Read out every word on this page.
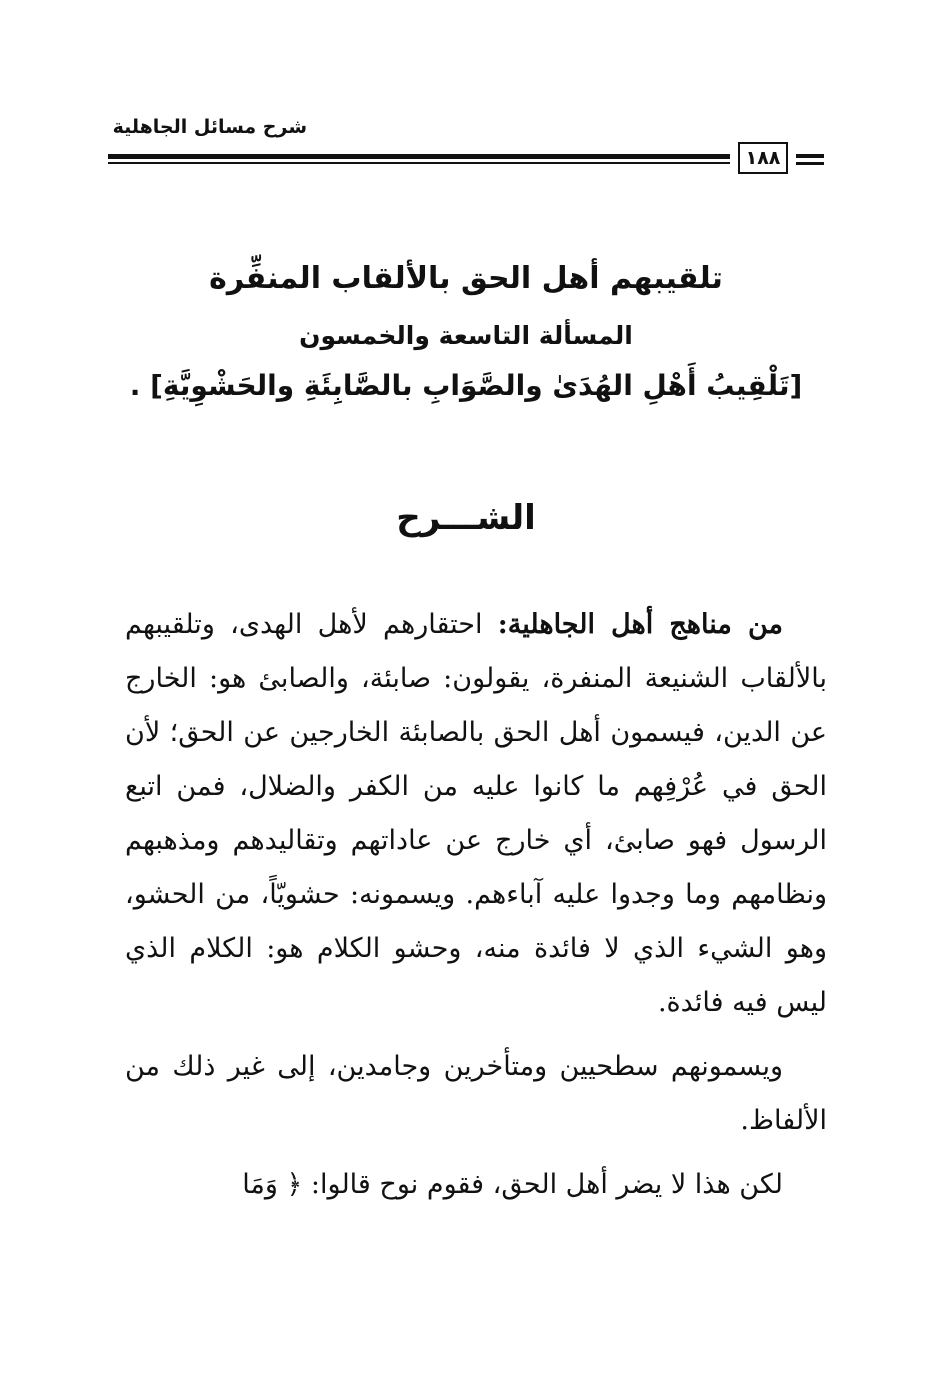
شرح مسائل الجاهلية
١٨٨

تلقيبهم أهل الحق بالألقاب المنفِّرة

المسألة التاسعة والخمسون

[تَلْقِيبُ أَهْلِ الهُدَىٰ والصَّوَابِ بالصَّابِئَةِ والحَشْوِيَّةِ] .

الشـــرح

من مناهج أهل الجاهلية: احتقارهم لأهل الهدى، وتلقيبهم بالألقاب الشنيعة المنفرة، يقولون: صابئة، والصابئ هو: الخارج عن الدين، فيسمون أهل الحق بالصابئة الخارجين عن الحق؛ لأن الحق في عُرْفِهم ما كانوا عليه من الكفر والضلال، فمن اتبع الرسول فهو صابئ، أي خارج عن عاداتهم وتقاليدهم ومذهبهم ونظامهم وما وجدوا عليه آباءهم. ويسمونه: حشويّاً، من الحشو، وهو الشيء الذي لا فائدة منه، وحشو الكلام هو: الكلام الذي ليس فيه فائدة.

ويسمونهم سطحيين ومتأخرين وجامدين، إلى غير ذلك من الألفاظ.

لكن هذا لا يضر أهل الحق، فقوم نوح قالوا: ﴿ وَمَا
